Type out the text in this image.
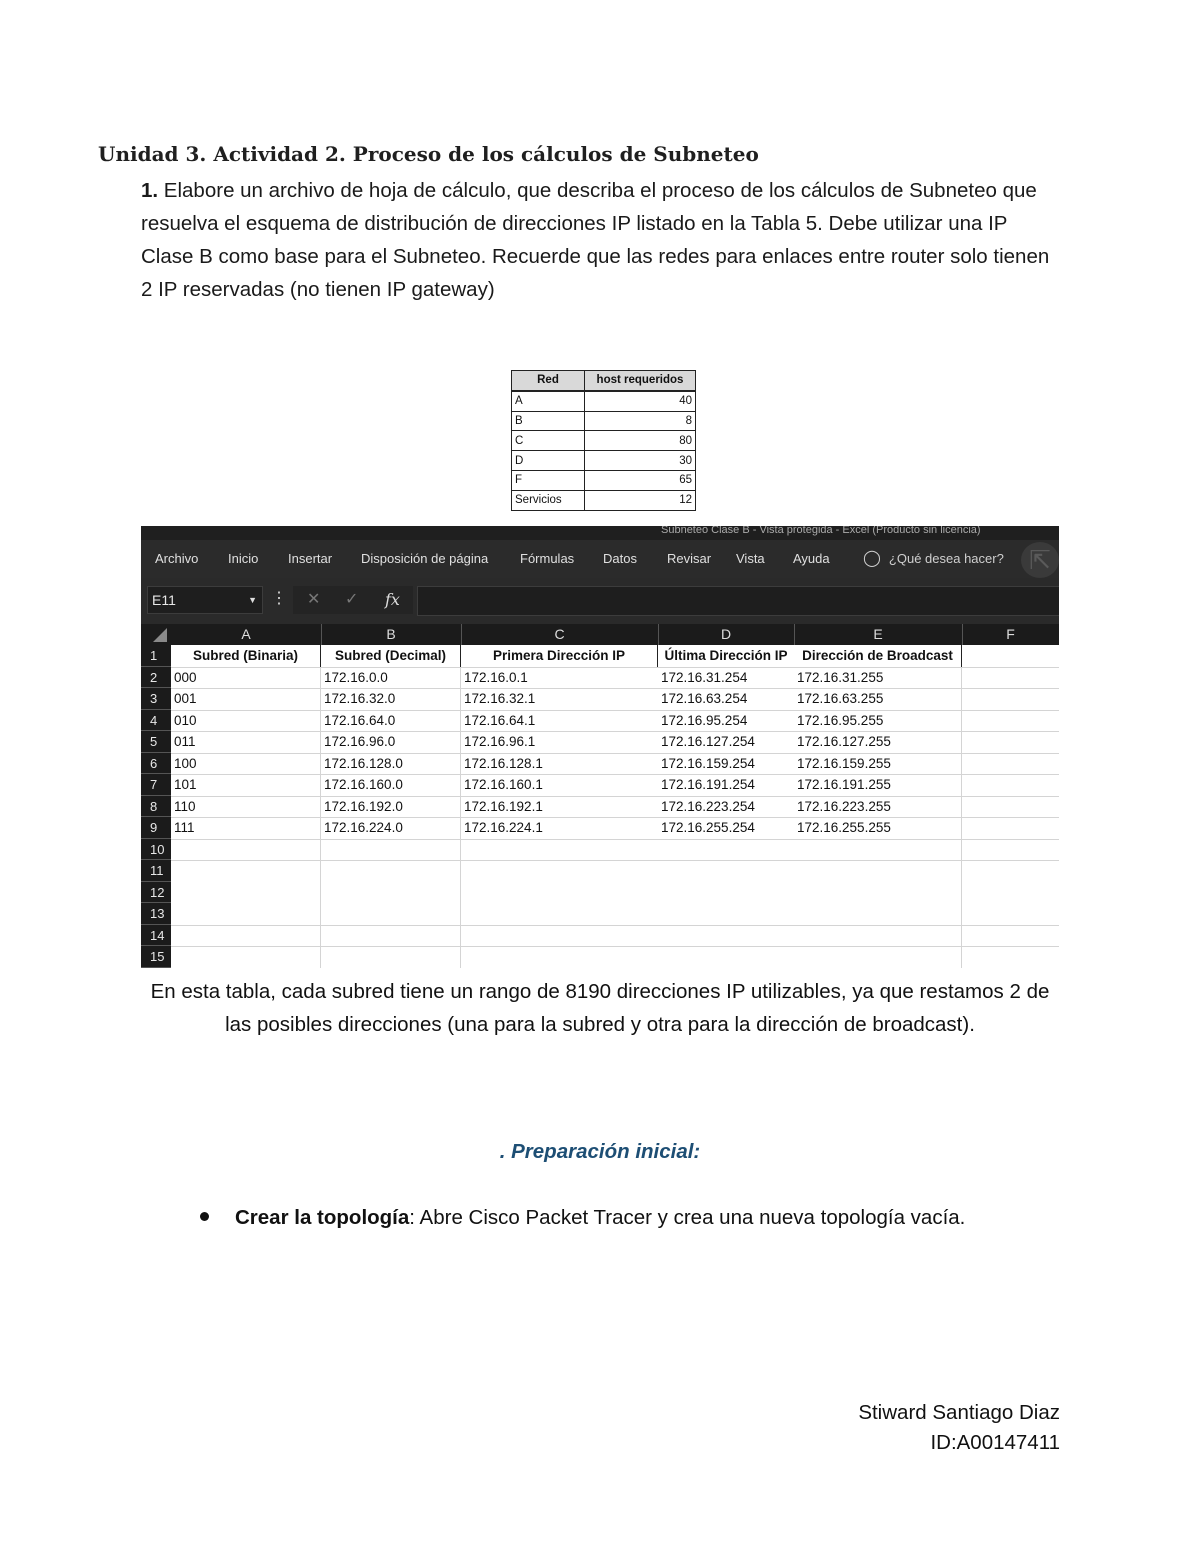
Unidad 3. Actividad 2. Proceso de los cálculos de Subneteo
1. Elabore un archivo de hoja de cálculo, que describa el proceso de los cálculos de Subneteo que resuelva el esquema de distribución de direcciones IP listado en la Tabla 5. Debe utilizar una IP Clase B como base para el Subneteo. Recuerde que las redes para enlaces entre router solo tienen 2 IP reservadas (no tienen IP gateway)
Red	host requeridos
A	40
B	8
C	80
D	30
F	65
Servicios	12
Subneteo Clase B - Vista protegida - Excel (Producto sin licencia)
Archivo Inicio Insertar Disposición de página Fórmulas Datos Revisar Vista Ayuda ◯ ¿Qué desea hacer? ⇱
E11	▼ ⋮ ✕ ✓ fx
A	B	C	D	E	F
1	Subred (Binaria)	Subred (Decimal)	Primera Dirección IP	Última Dirección IP	Dirección de Broadcast
2	000	172.16.0.0	172.16.0.1	172.16.31.254	172.16.31.255
3	001	172.16.32.0	172.16.32.1	172.16.63.254	172.16.63.255
4	010	172.16.64.0	172.16.64.1	172.16.95.254	172.16.95.255
5	011	172.16.96.0	172.16.96.1	172.16.127.254	172.16.127.255
6	100	172.16.128.0	172.16.128.1	172.16.159.254	172.16.159.255
7	101	172.16.160.0	172.16.160.1	172.16.191.254	172.16.191.255
8	110	172.16.192.0	172.16.192.1	172.16.223.254	172.16.223.255
9	111	172.16.224.0	172.16.224.1	172.16.255.254	172.16.255.255
10
11
12
13
14
15
En esta tabla, cada subred tiene un rango de 8190 direcciones IP utilizables, ya que restamos 2 de las posibles direcciones (una para la subred y otra para la dirección de broadcast).
. Preparación inicial:
Crear la topología: Abre Cisco Packet Tracer y crea una nueva topología vacía.
Stiward Santiago Diaz
ID:A00147411
